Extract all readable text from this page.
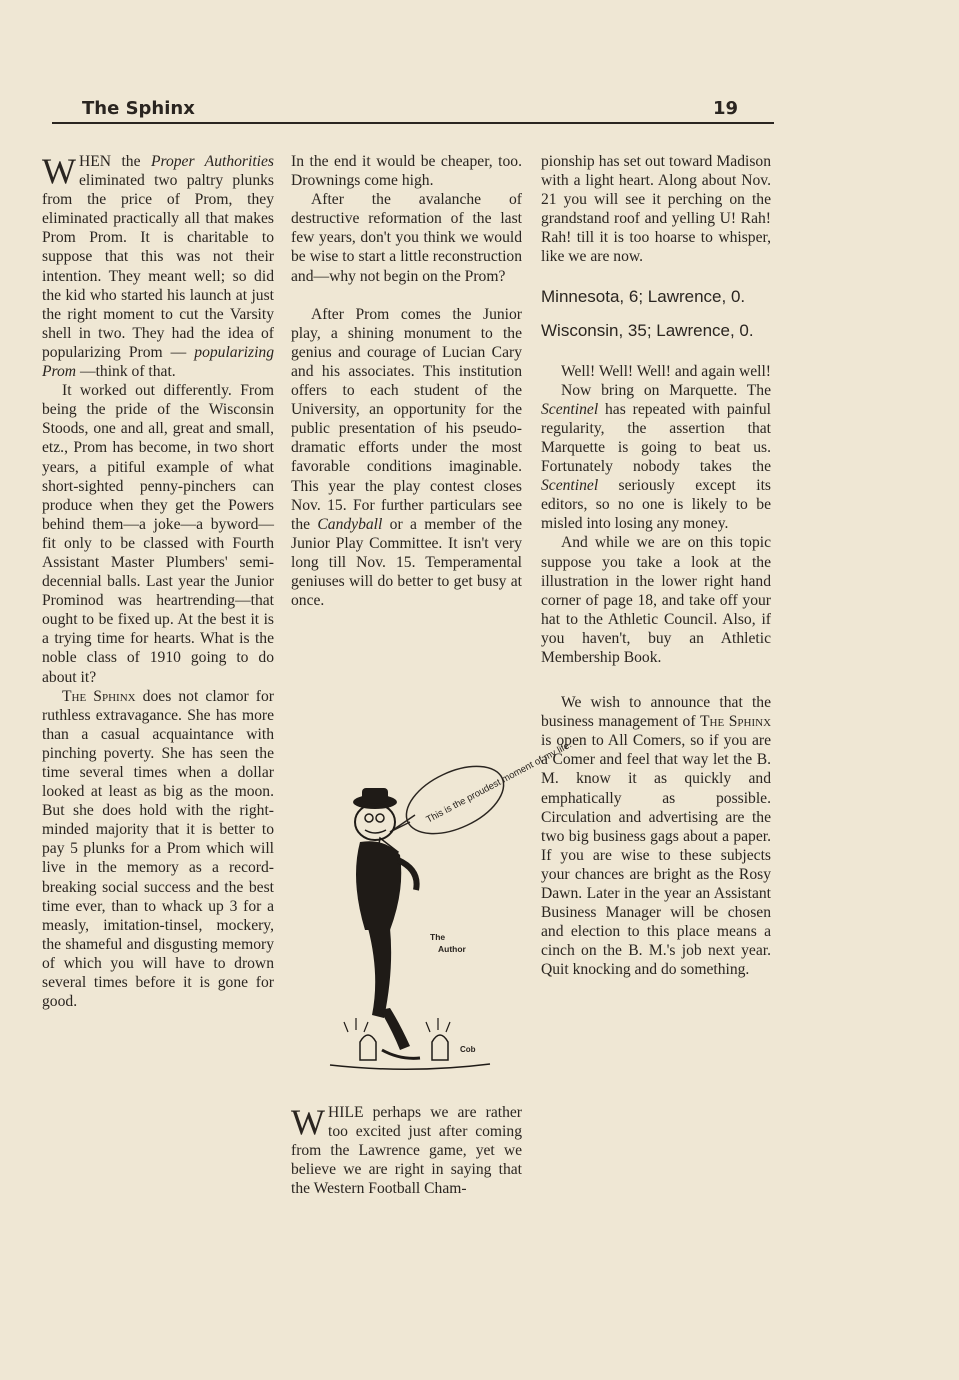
The Sphinx	19

WHEN the Proper Authorities eliminated two paltry plunks from the price of Prom, they eliminated practically all that makes Prom Prom. It is charitable to suppose that this was not their intention. They meant well; so did the kid who started his launch at just the right moment to cut the Varsity shell in two. They had the idea of popularizing Prom — popularizing Prom —think of that.

It worked out differently. From being the pride of the Wisconsin Stoods, one and all, great and small, etz., Prom has become, in two short years, a pitiful example of what short-sighted penny-pinchers can produce when they get the Powers behind them—a joke—a byword—fit only to be classed with Fourth Assistant Master Plumbers' semi-decennial balls. Last year the Junior Prominod was heartrending—that ought to be fixed up. At the best it is a trying time for hearts. What is the noble class of 1910 going to do about it?

The Sphinx does not clamor for ruthless extravagance. She has more than a casual acquaintance with pinching poverty. She has seen the time several times when a dollar looked at least as big as the moon. But she does hold with the right-minded majority that it is better to pay 5 plunks for a Prom which will live in the memory as a record-breaking social success and the best time ever, than to whack up 3 for a measly, imitation-tinsel, mockery, the shameful and disgusting memory of which you will have to drown several times before it is gone for good.

In the end it would be cheaper, too. Drownings come high.

After the avalanche of destructive reformation of the last few years, don't you think we would be wise to start a little reconstruction and—why not begin on the Prom?

After Prom comes the Junior play, a shining monument to the genius and courage of Lucian Cary and his associates. This institution offers to each student of the University, an opportunity for the public presentation of his pseudo-dramatic efforts under the most favorable conditions imaginable. This year the play contest closes Nov. 15. For further particulars see the Candyball or a member of the Junior Play Committee. It isn't very long till Nov. 15. Temperamental geniuses will do better to get busy at once.

This is the proudest moment of my life.
The
Author
Cob

WHILE perhaps we are rather too excited just after coming from the Lawrence game, yet we believe we are right in saying that the Western Football Cham-

pionship has set out toward Madison with a light heart. Along about Nov. 21 you will see it perching on the grandstand roof and yelling U! Rah! Rah! till it is too hoarse to whisper, like we are now.

Minnesota, 6; Lawrence, 0.

Wisconsin, 35; Lawrence, 0.

Well! Well! Well! and again well!

Now bring on Marquette. The Scentinel has repeated with painful regularity, the assertion that Marquette is going to beat us. Fortunately nobody takes the Scentinel seriously except its editors, so no one is likely to be misled into losing any money.

And while we are on this topic suppose you take a look at the illustration in the lower right hand corner of page 18, and take off your hat to the Athletic Council. Also, if you haven't, buy an Athletic Membership Book.

We wish to announce that the business management of The Sphinx is open to All Comers, so if you are a Comer and feel that way let the B. M. know it as quickly and emphatically as possible. Circulation and advertising are the two big business gags about a paper. If you are wise to these subjects your chances are bright as the Rosy Dawn. Later in the year an Assistant Business Manager will be chosen and election to this place means a cinch on the B. M.'s job next year. Quit knocking and do something.
